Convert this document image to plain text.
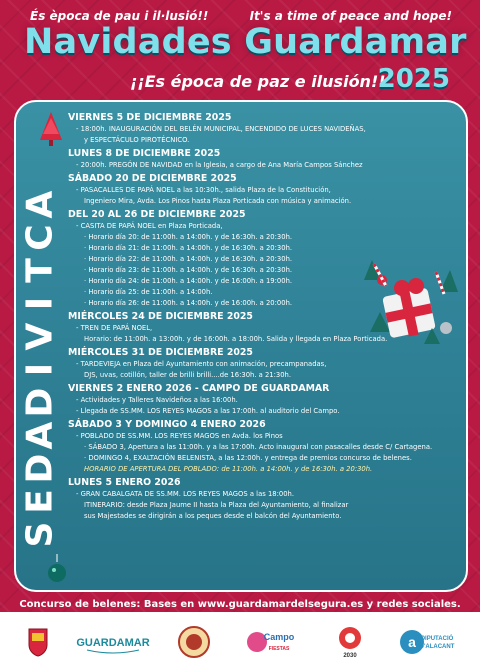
És època de pau i il·lusió!!	It's a time of peace and hope!
Navidades Guardamar
¡¡Es época de paz e ilusión!!
2025
A
C
T
I
V
I
D
A
D
E
S
VIERNES 5 DE DICIEMBRE 2025
- 18:00h. INAUGURACIÓN DEL BELÉN MUNICIPAL, ENCENDIDO DE LUCES NAVIDEÑAS,
y ESPECTÁCULO PIROTÉCNICO.
LUNES 8 DE DICIEMBRE 2025
- 20:00h. PREGÓN DE NAVIDAD en la Iglesia, a cargo de Ana María Campos Sánchez
SÁBADO 20 DE DICIEMBRE 2025
- PASACALLES DE PAPÁ NOEL a las 10:30h., salida Plaza de la Constitución,
Ingeniero Mira, Avda. Los Pinos hasta Plaza Porticada con música y animación.
DEL 20 AL 26 DE DICIEMBRE 2025
- CASITA DE PAPÁ NOEL en Plaza Porticada,
· Horario día 20: de 11:00h. a 14:00h. y de 16:30h. a 20:30h.
· Horario día 21: de 11:00h. a 14:00h. y de 16:30h. a 20:30h.
· Horario día 22: de 11:00h. a 14:00h. y de 16:30h. a 20:30h.
· Horario día 23: de 11:00h. a 14:00h. y de 16:30h. a 20:30h.
· Horario día 24: de 11:00h. a 14:00h. y de 16:00h. a 19:00h.
· Horario día 25: de 11:00h. a 14:00h.
· Horario día 26: de 11:00h. a 14:00h. y de 16:00h. a 20:00h.
MIÉRCOLES 24 DE DICIEMBRE 2025
- TREN DE PAPÁ NOEL,
Horario: de 11:00h. a 13:00h. y de 16:00h. a 18:00h. Salida y llegada en Plaza Porticada.
MIÉRCOLES 31 DE DICIEMBRE 2025
- TARDEVIEJA en Plaza del Ayuntamiento con animación, precampanadas,
DJS, uvas, cotillón, taller de brilli brilli....de 16:30h. a 21:30h.
VIERNES 2 ENERO 2026 - CAMPO DE GUARDAMAR
- Actividades y Talleres Navideños a las 16:00h.
- Llegada de SS.MM. LOS REYES MAGOS a las 17:00h. al auditorio del Campo.
SÁBADO 3 Y DOMINGO 4 ENERO 2026
- POBLADO DE SS.MM. LOS REYES MAGOS en Avda. los Pinos
· SÁBADO 3, Apertura a las 11:00h. y a las 17:00h. Acto inaugural con pasacalles desde C/ Cartagena.
· DOMINGO 4, EXALTACIÓN BELENISTA, a las 12:00h. y entrega de premios concurso de belenes.
HORARIO DE APERTURA DEL POBLADO: de 11:00h. a 14:00h. y de 16:30h. a 20:30h.
LUNES 5 ENERO 2026
- GRAN CABALGATA DE SS.MM. LOS REYES MAGOS a las 18:00h.
ITINERARIO: desde Plaza Jaume II hasta la Plaza del Ayuntamiento, al finalizar
sus Majestades se dirigirán a los peques desde el balcón del Ayuntamiento.
Concurso de belenes: Bases en www.guardamardelsegura.es y redes sociales.
GUARDAMAR	Campo
FIESTAS
2030
a DIPUTACIÓ
D'ALACANT
